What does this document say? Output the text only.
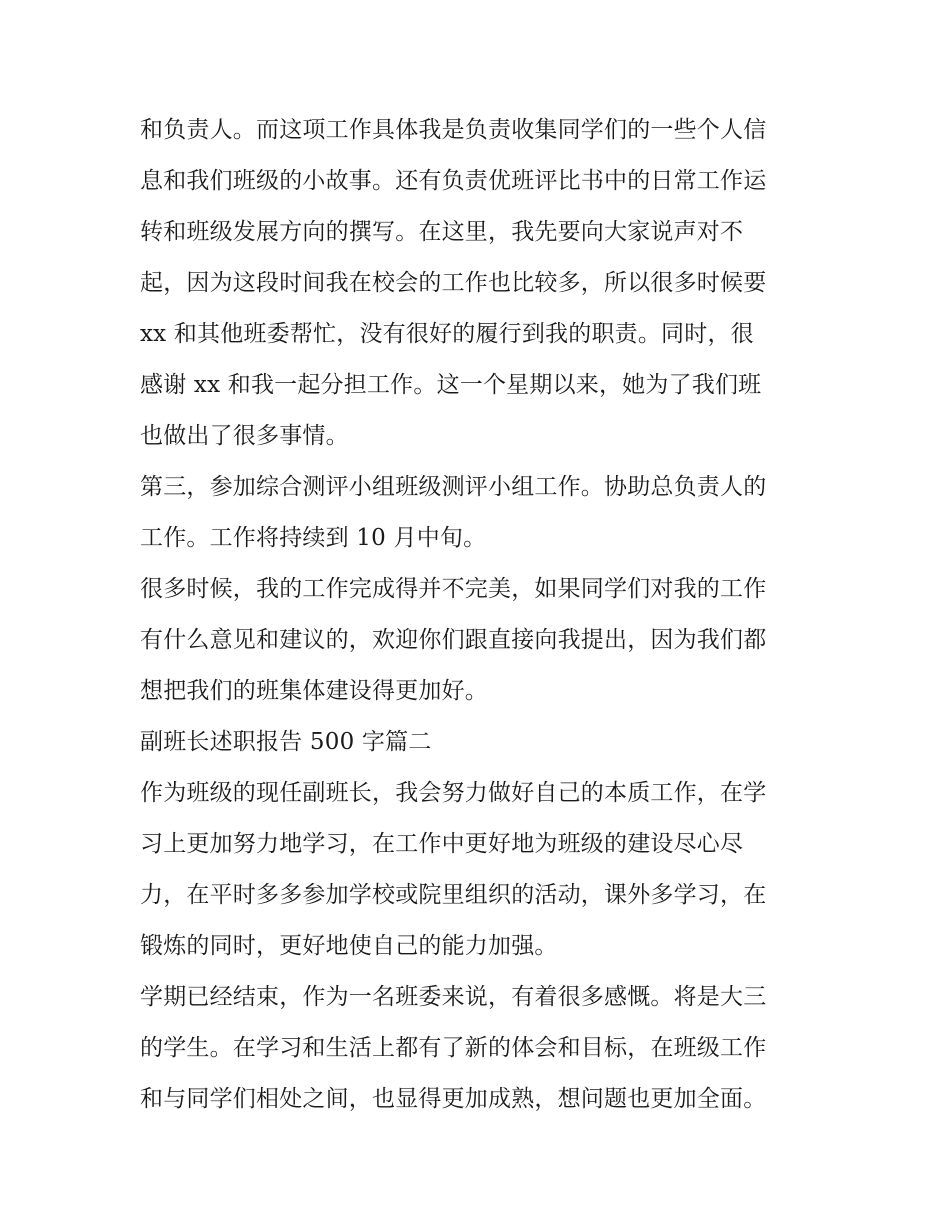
和负责人。而这项工作具体我是负责收集同学们的一些个人信
息和我们班级的小故事。还有负责优班评比书中的日常工作运
转和班级发展方向的撰写。在这里，我先要向大家说声对不
起，因为这段时间我在校会的工作也比较多，所以很多时候要
xx 和其他班委帮忙，没有很好的履行到我的职责。同时，很
感谢 xx 和我一起分担工作。这一个星期以来，她为了我们班
也做出了很多事情。
第三，参加综合测评小组班级测评小组工作。协助总负责人的
工作。工作将持续到 10 月中旬。
很多时候，我的工作完成得并不完美，如果同学们对我的工作
有什么意见和建议的，欢迎你们跟直接向我提出，因为我们都
想把我们的班集体建设得更加好。
副班长述职报告 500 字篇二
作为班级的现任副班长，我会努力做好自己的本质工作，在学
习上更加努力地学习，在工作中更好地为班级的建设尽心尽
力，在平时多多参加学校或院里组织的活动，课外多学习，在
锻炼的同时，更好地使自己的能力加强。
学期已经结束，作为一名班委来说，有着很多感慨。将是大三
的学生。在学习和生活上都有了新的体会和目标，在班级工作
和与同学们相处之间，也显得更加成熟，想问题也更加全面。
